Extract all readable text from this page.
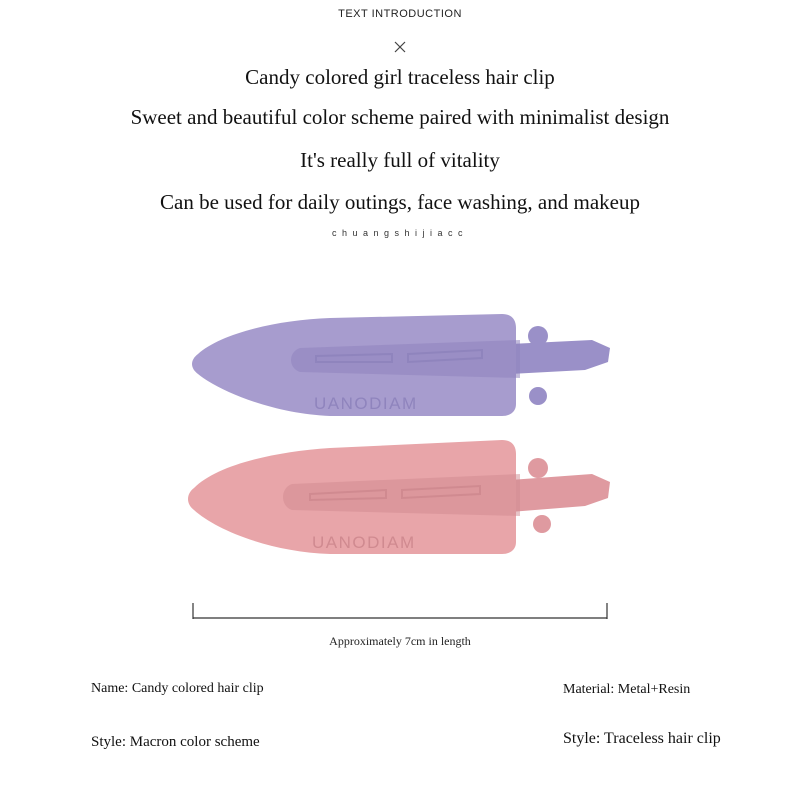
TEXT INTRODUCTION
Candy colored girl traceless hair clip
Sweet and beautiful color scheme paired with minimalist design
It's really full of vitality
Can be used for daily outings, face washing, and makeup
chuangshijiacc
UANODIAM
UANODIAM
Approximately 7cm in length
Name: Candy colored hair clip	Material: Metal+Resin
Style: Macron color scheme	Style: Traceless hair clip
